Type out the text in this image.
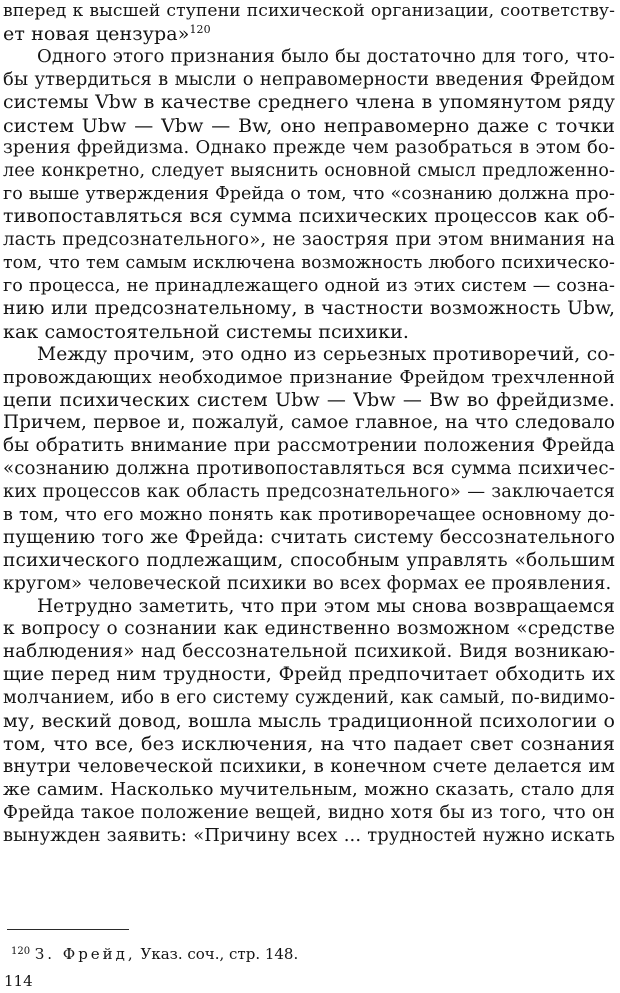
вперед к высшей ступени психической организации, соответству-
ет новая цензура»$^{120}$
Одного этого признания было бы достаточно для того, что-
бы утвердиться в мысли о неправомерности введения Фрейдом
системы Vbw в качестве среднего члена в упомянутом ряду
систем Ubw — Vbw — Bw, оно неправомерно даже с точки
зрения фрейдизма. Однако прежде чем разобраться в этом бо-
лее конкретно, следует выяснить основной смысл предложенно-
го выше утверждения Фрейда о том, что «сознанию должна про-
тивопоставляться вся сумма психических процессов как об-
ласть предсознательного», не заостряя при этом внимания на
том, что тем самым исключена возможность любого психическо-
го процесса, не принадлежащего одной из этих систем — созна-
нию или предсознательному, в частности возможность Ubw,
как самостоятельной системы психики.
Между прочим, это одно из серьезных противоречий, со-
провождающих необходимое признание Фрейдом трехчленной
цепи психических систем Ubw — Vbw — Bw во фрейдизме.
Причем, первое и, пожалуй, самое главное, на что следовало
бы обратить внимание при рассмотрении положения Фрейда
«сознанию должна противопоставляться вся сумма психичес-
ких процессов как область предсознательного» — заключается
в том, что его можно понять как противоречащее основному до-
пущению того же Фрейда: считать систему бессознательного
психического подлежащим, способным управлять «большим
кругом» человеческой психики во всех формах ее проявления.
Нетрудно заметить, что при этом мы снова возвращаемся
к вопросу о сознании как единственно возможном «средстве
наблюдения» над бессознательной психикой. Видя возникаю-
щие перед ним трудности, Фрейд предпочитает обходить их
молчанием, ибо в его систему суждений, как самый, по-видимо-
му, веский довод, вошла мысль традиционной психологии о
том, что все, без исключения, на что падает свет сознания
внутри человеческой психики, в конечном счете делается им
же самим. Насколько мучительным, можно сказать, стало для
Фрейда такое положение вещей, видно хотя бы из того, что он
вынужден заявить: «Причину всех ... трудностей нужно искать
$^{120}$ З. Фрейд, Указ. соч., стр. 148.
114
